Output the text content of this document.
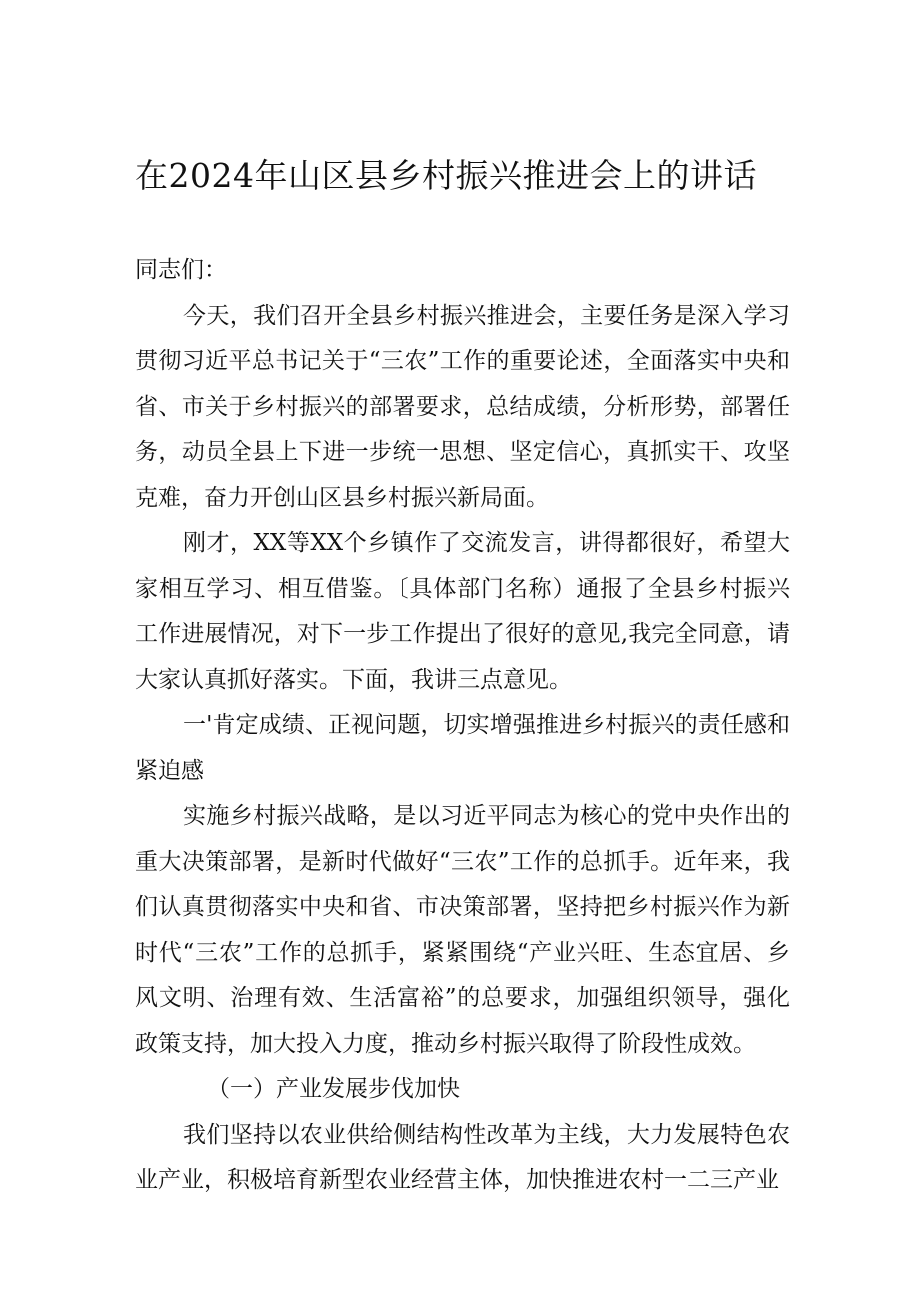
在2024年山区县乡村振兴推进会上的讲话

同志们：

今天，我们召开全县乡村振兴推进会，主要任务是深入学习贯彻习近平总书记关于“三农”工作的重要论述，全面落实中央和省、市关于乡村振兴的部署要求，总结成绩，分析形势，部署任务，动员全县上下进一步统一思想、坚定信心，真抓实干、攻坚克难，奋力开创山区县乡村振兴新局面。

刚才，XX等XX个乡镇作了交流发言，讲得都很好，希望大家相互学习、相互借鉴。〔具体部门名称）通报了全县乡村振兴工作进展情况，对下一步工作提出了很好的意见,我完全同意，请大家认真抓好落实。下面，我讲三点意见。

一'肯定成绩、正视问题，切实增强推进乡村振兴的责任感和紧迫感

实施乡村振兴战略，是以习近平同志为核心的党中央作出的重大决策部署，是新时代做好“三农”工作的总抓手。近年来，我们认真贯彻落实中央和省、市决策部署，坚持把乡村振兴作为新时代“三农”工作的总抓手，紧紧围绕“产业兴旺、生态宜居、乡风文明、治理有效、生活富裕”的总要求，加强组织领导，强化政策支持，加大投入力度，推动乡村振兴取得了阶段性成效。

（一）产业发展步伐加快

我们坚持以农业供给侧结构性改革为主线，大力发展特色农业产业，积极培育新型农业经营主体，加快推进农村一二三产业
